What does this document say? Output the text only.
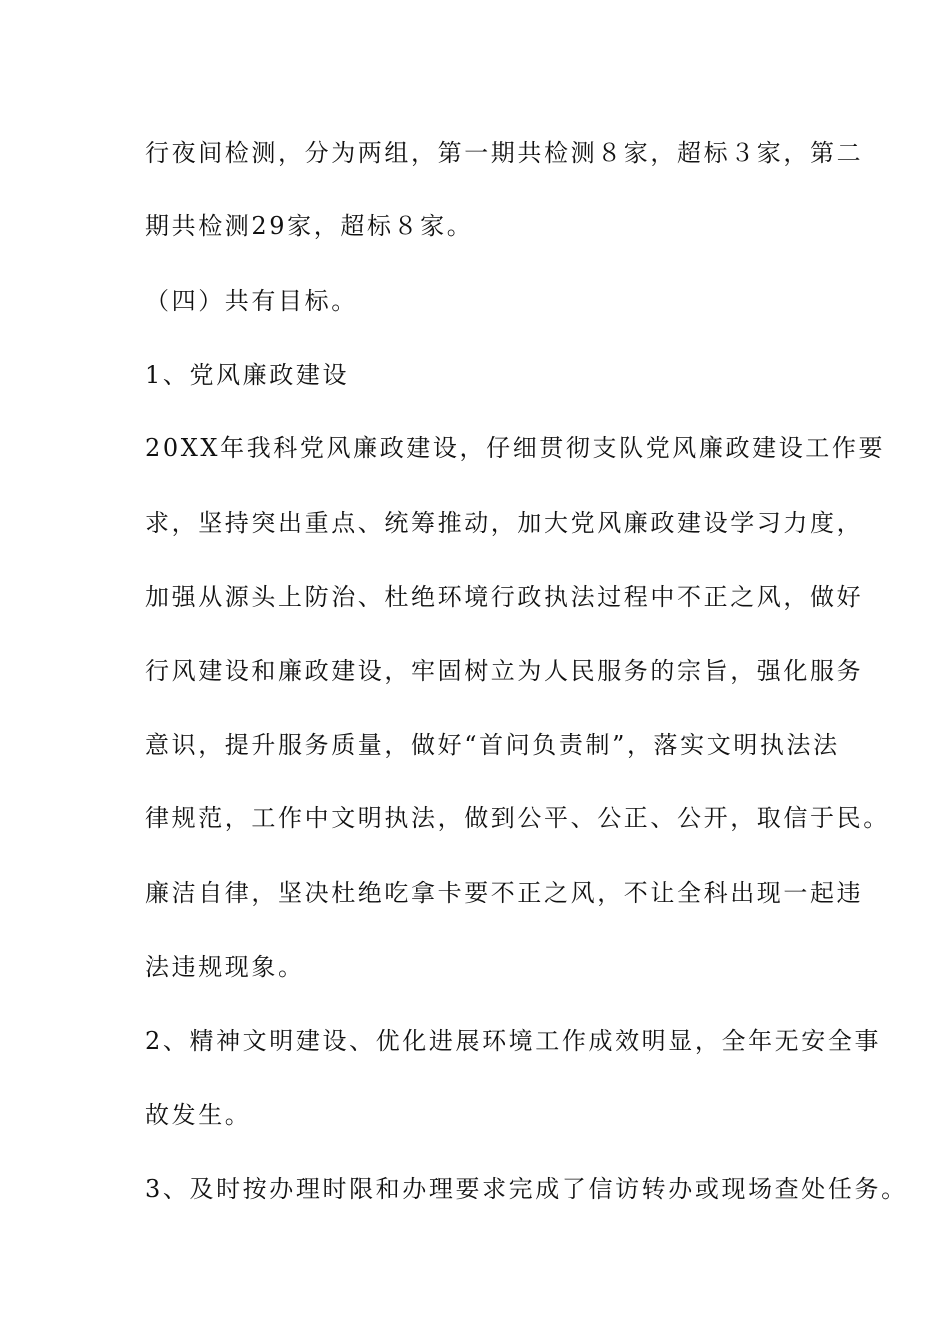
行夜间检测，分为两组，第一期共检测８家，超标３家，第二
期共检测29家，超标８家。
（四）共有目标。
1、党风廉政建设
20XX年我科党风廉政建设，仔细贯彻支队党风廉政建设工作要
求，坚持突出重点、统筹推动，加大党风廉政建设学习力度，
加强从源头上防治、杜绝环境行政执法过程中不正之风，做好
行风建设和廉政建设，牢固树立为人民服务的宗旨，强化服务
意识，提升服务质量，做好“首问负责制”，落实文明执法法
律规范，工作中文明执法，做到公平、公正、公开，取信于民。
廉洁自律，坚决杜绝吃拿卡要不正之风，不让全科出现一起违
法违规现象。
2、精神文明建设、优化进展环境工作成效明显，全年无安全事
故发生。
3、及时按办理时限和办理要求完成了信访转办或现场查处任务。
